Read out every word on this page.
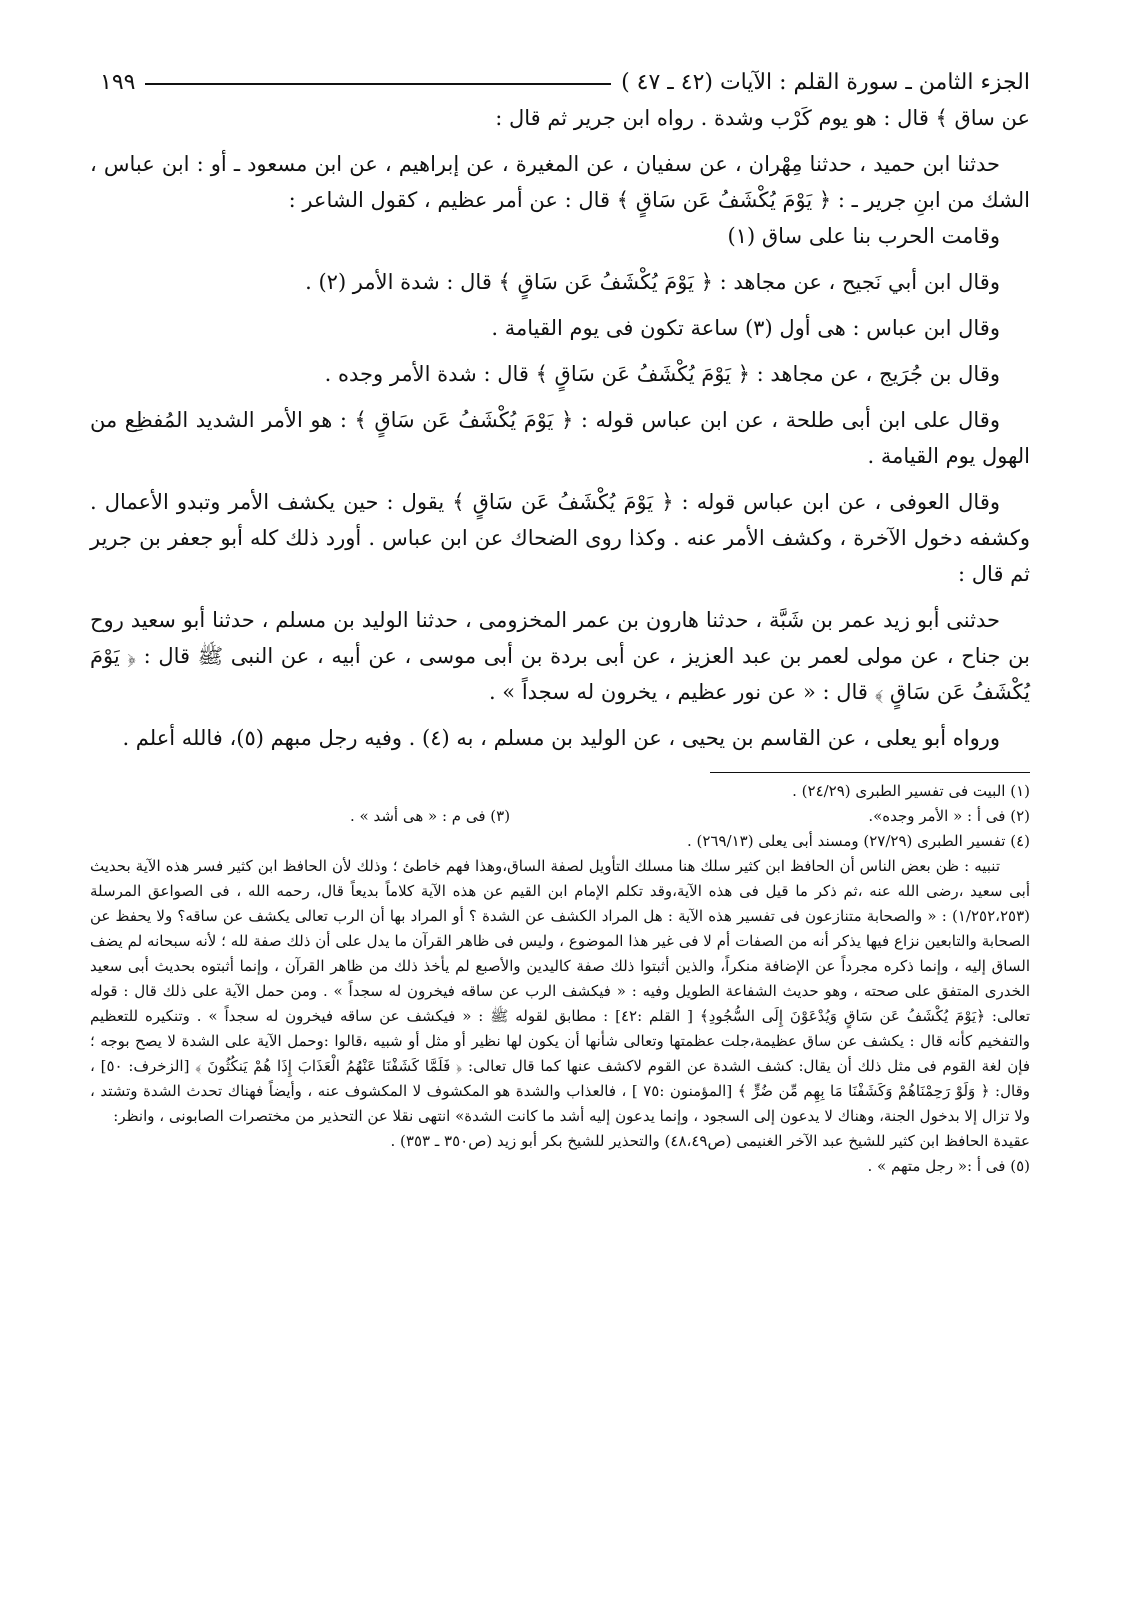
الجزء الثامن ـ سورة القلم : الآيات (٤٢ ـ ٤٧ )
١٩٩

عن ساق ﴾ قال : هو يوم كَرْب وشدة . رواه ابن جرير ثم قال :

حدثنا ابن حميد ، حدثنا مِهْران ، عن سفيان ، عن المغيرة ، عن إبراهيم ، عن ابن مسعود ـ أو : ابن عباس ، الشك من ابنِ جرير ـ : ﴿ يَوْمَ يُكْشَفُ عَن سَاقٍ ﴾ قال : عن أمر عظيم ، كقول الشاعر :

وقامت الحرب بنا على ساق (١)

وقال ابن أبي نَجيح ، عن مجاهد : ﴿ يَوْمَ يُكْشَفُ عَن سَاقٍ ﴾ قال : شدة الأمر (٢) .

وقال ابن عباس : هى أول (٣) ساعة تكون فى يوم القيامة .

وقال بن جُرَيج ، عن مجاهد : ﴿ يَوْمَ يُكْشَفُ عَن سَاقٍ ﴾ قال : شدة الأمر وجده .

وقال على ابن أبى طلحة ، عن ابن عباس قوله : ﴿ يَوْمَ يُكْشَفُ عَن سَاقٍ ﴾ : هو الأمر الشديد المُفظِع من الهول يوم القيامة .

وقال العوفى ، عن ابن عباس قوله : ﴿ يَوْمَ يُكْشَفُ عَن سَاقٍ ﴾ يقول : حين يكشف الأمر وتبدو الأعمال . وكشفه دخول الآخرة ، وكشف الأمر عنه . وكذا روى الضحاك عن ابن عباس . أورد ذلك كله أبو جعفر بن جرير ثم قال :

حدثنى أبو زيد عمر بن شَبَّة ، حدثنا هارون بن عمر المخزومى ، حدثنا الوليد بن مسلم ، حدثنا أبو سعيد روح بن جناح ، عن مولى لعمر بن عبد العزيز ، عن أبى بردة بن أبى موسى ، عن أبيه ، عن النبى ﷺ قال : ﴿ يَوْمَ يُكْشَفُ عَن سَاقٍ ﴾ قال : « عن نور عظيم ، يخرون له سجداً » .

ورواه أبو يعلى ، عن القاسم بن يحيى ، عن الوليد بن مسلم ، به (٤) . وفيه رجل مبهم (٥)، فالله أعلم .

(١) البيت فى تفسير الطبرى (٢٤/٢٩) .

(٢) فى أ : « الأمر وجده».
(٣) فى م : « هى أشد » .

(٤) تفسير الطبرى (٢٧/٢٩) ومسند أبى يعلى (٢٦٩/١٣) .

تنبيه : ظن بعض الناس أن الحافظ ابن كثير سلك هنا مسلك التأويل لصفة الساق،وهذا فهم خاطئ ؛ وذلك لأن الحافظ ابن كثير فسر هذه الآية بحديث أبى سعيد ،رضى الله عنه ،ثم ذكر ما قيل فى هذه الآية،وقد تكلم الإمام ابن القيم عن هذه الآية كلاماً بديعاً قال، رحمه الله ، فى الصواعق المرسلة (١/٢٥٢،٢٥٣) : « والصحابة متنازعون فى تفسير هذه الآية : هل المراد الكشف عن الشدة ؟ أو المراد بها أن الرب تعالى يكشف عن ساقه؟ ولا يحفظ عن الصحابة والتابعين نزاع فيها يذكر أنه من الصفات أم لا فى غير هذا الموضوع ، وليس فى ظاهر القرآن ما يدل على أن ذلك صفة لله ؛ لأنه سبحانه لم يضف الساق إليه ، وإنما ذكره مجرداً عن الإضافة منكراً، والذين أثبتوا ذلك صفة كاليدين والأصبع لم يأخذ ذلك من ظاهر القرآن ، وإنما أثبتوه بحديث أبى سعيد الخدرى المتفق على صحته ، وهو حديث الشفاعة الطويل وفيه : « فيكشف الرب عن ساقه فيخرون له سجداً » . ومن حمل الآية على ذلك قال : قوله تعالى: ﴿يَوْمَ يُكْشَفُ عَن سَاقٍ وَيُدْعَوْنَ إِلَى السُّجُودِ﴾ [ القلم :٤٢] : مطابق لقوله ﷺ : « فيكشف عن ساقه فيخرون له سجداً » . وتنكيره للتعظيم والتفخيم كأنه قال : يكشف عن ساق عظيمة،جلت عظمتها وتعالى شأنها أن يكون لها نظير أو مثل أو شبيه ،قالوا :وحمل الآية على الشدة لا يصح بوجه ؛ فإن لغة القوم فى مثل ذلك أن يقال: كشف الشدة عن القوم لاكشف عنها كما قال تعالى: ﴿ فَلَمَّا كَشَفْنَا عَنْهُمُ الْعَذَابَ إِذَا هُمْ يَنكُثُونَ ﴾ [الزخرف: ٥٠] ، وقال: ﴿ وَلَوْ رَحِمْنَاهُمْ وَكَشَفْنَا مَا بِهِم مِّن ضُرٍّ ﴾ [المؤمنون :٧٥ ] ، فالعذاب والشدة هو المكشوف لا المكشوف عنه ، وأيضاً فهناك تحدث الشدة وتشتد ، ولا تزال إلا بدخول الجنة، وهناك لا يدعون إلى السجود ، وإنما يدعون إليه أشد ما كانت الشدة» انتهى نقلا عن التحذير من مختصرات الصابونى ، وانظر:

عقيدة الحافظ ابن كثير للشيخ عبد الآخر الغنيمى (ص٤٨،٤٩) والتحذير للشيخ بكر أبو زيد (ص٣٥٠ ـ ٣٥٣) .

(٥) فى أ :« رجل متهم » .
